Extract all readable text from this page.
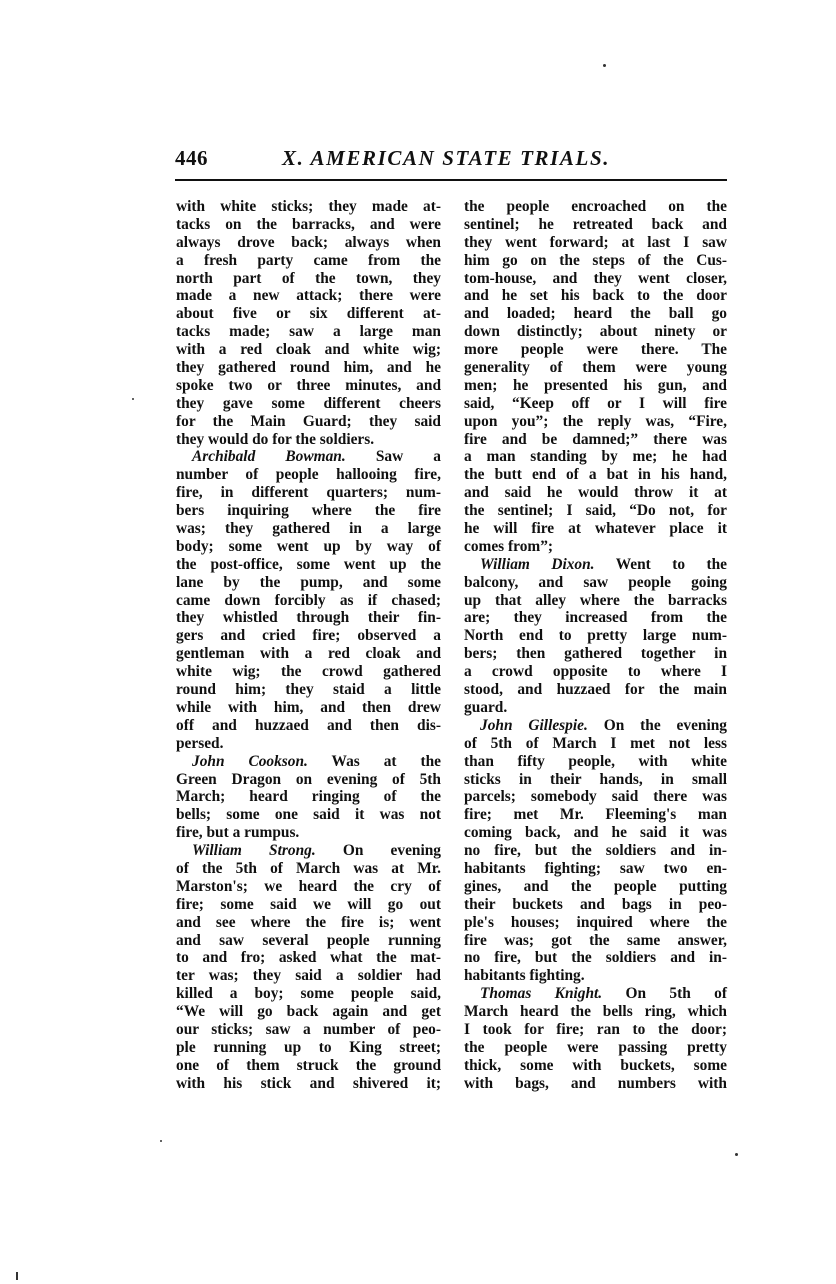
446	X. AMERICAN STATE TRIALS.
with white sticks; they made at-
tacks on the barracks, and were
always drove back; always when
a fresh party came from the
north part of the town, they
made a new attack; there were
about five or six different at-
tacks made; saw a large man
with a red cloak and white wig;
they gathered round him, and he
spoke two or three minutes, and
they gave some different cheers
for the Main Guard; they said
they would do for the soldiers.
Archibald Bowman. Saw a
number of people hallooing fire,
fire, in different quarters; num-
bers inquiring where the fire
was; they gathered in a large
body; some went up by way of
the post-office, some went up the
lane by the pump, and some
came down forcibly as if chased;
they whistled through their fin-
gers and cried fire; observed a
gentleman with a red cloak and
white wig; the crowd gathered
round him; they staid a little
while with him, and then drew
off and huzzaed and then dis-
persed.
John Cookson. Was at the
Green Dragon on evening of 5th
March; heard ringing of the
bells; some one said it was not
fire, but a rumpus.
William Strong. On evening
of the 5th of March was at Mr.
Marston's; we heard the cry of
fire; some said we will go out
and see where the fire is; went
and saw several people running
to and fro; asked what the mat-
ter was; they said a soldier had
killed a boy; some people said,
“We will go back again and get
our sticks; saw a number of peo-
ple running up to King street;
one of them struck the ground
with his stick and shivered it;
the people encroached on the
sentinel; he retreated back and
they went forward; at last I saw
him go on the steps of the Cus-
tom-house, and they went closer,
and he set his back to the door
and loaded; heard the ball go
down distinctly; about ninety or
more people were there. The
generality of them were young
men; he presented his gun, and
said, “Keep off or I will fire
upon you”; the reply was, “Fire,
fire and be damned;” there was
a man standing by me; he had
the butt end of a bat in his hand,
and said he would throw it at
the sentinel; I said, “Do not, for
he will fire at whatever place it
comes from”;
William Dixon. Went to the
balcony, and saw people going
up that alley where the barracks
are; they increased from the
North end to pretty large num-
bers; then gathered together in
a crowd opposite to where I
stood, and huzzaed for the main
guard.
John Gillespie. On the evening
of 5th of March I met not less
than fifty people, with white
sticks in their hands, in small
parcels; somebody said there was
fire; met Mr. Fleeming's man
coming back, and he said it was
no fire, but the soldiers and in-
habitants fighting; saw two en-
gines, and the people putting
their buckets and bags in peo-
ple's houses; inquired where the
fire was; got the same answer,
no fire, but the soldiers and in-
habitants fighting.
Thomas Knight. On 5th of
March heard the bells ring, which
I took for fire; ran to the door;
the people were passing pretty
thick, some with buckets, some
with bags, and numbers with
